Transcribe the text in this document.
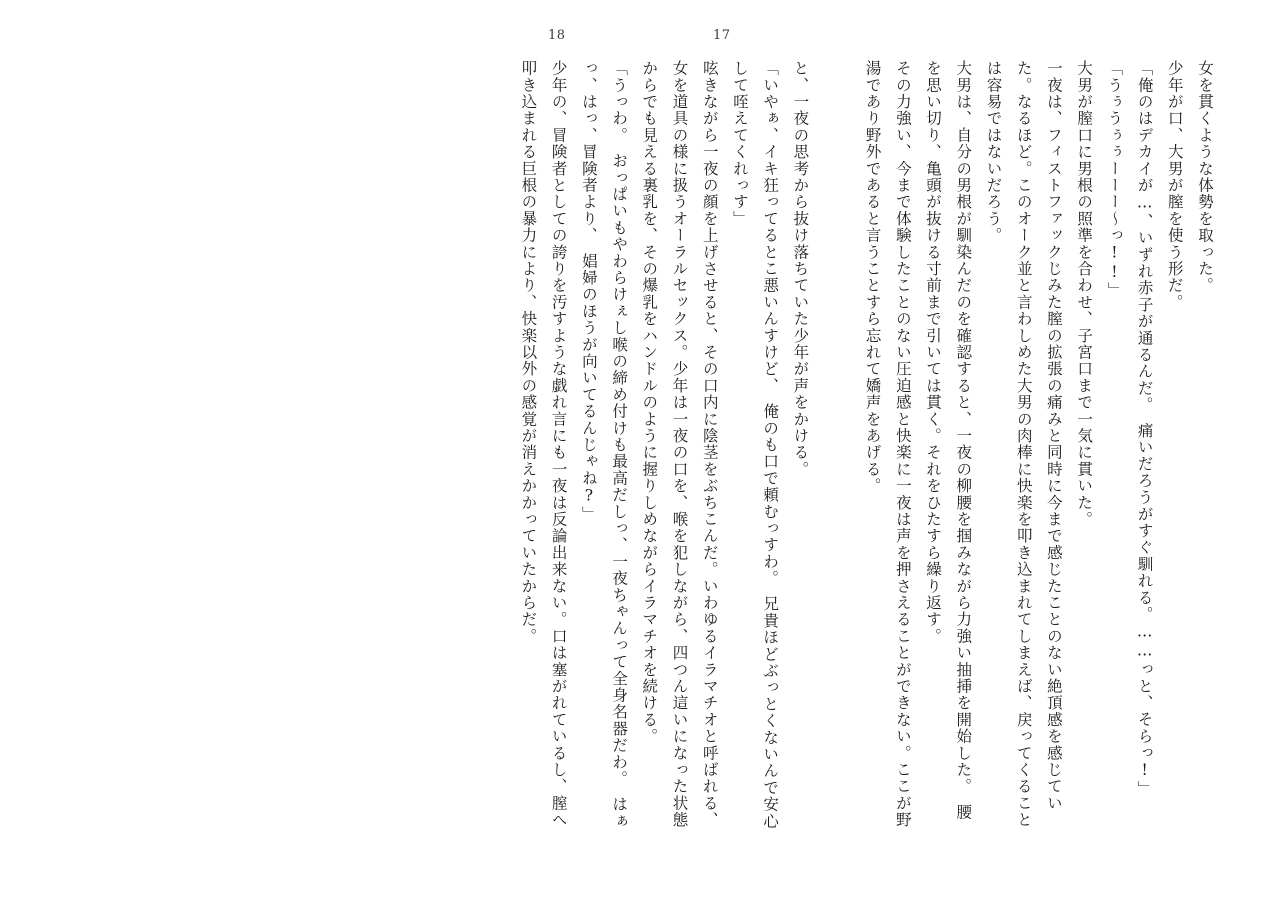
18	17
女を貫くような体勢を取った。
少年が口、大男が膣を使う形だ。
「俺のはデカイが…、いずれ赤子が通るんだ。　痛いだろうがすぐ馴れる。……っと、そらっ!」
「うぅうぅぅーーー〜っ!!」
大男が膣口に男根の照準を合わせ、子宮口まで一気に貫いた。
一夜は、フィストファックじみた膣の拡張の痛みと同時に今まで感じたことのない絶頂感を感じていた。なるほど。このオーク並と言わしめた大男の肉棒に快楽を叩き込まれてしまえば、戻ってくることは容易ではないだろう。
大男は、自分の男根が馴染んだのを確認すると、一夜の柳腰を掴みながら力強い抽挿を開始した。　腰を思い切り、亀頭が抜ける寸前まで引いては貫く。それをひたすら繰り返す。
その力強い、今まで体験したことのない圧迫感と快楽に一夜は声を押さえることができない。ここが野湯であり野外であると言うことすら忘れて嬌声をあげる。
と、一夜の思考から抜け落ちていた少年が声をかける。
「いやぁ、イキ狂ってるとこ悪いんすけど、　俺のも口で頼むっすわ。　兄貴ほどぶっとくないんで安心して咥えてくれっす」
呟きながら一夜の顔を上げさせると、その口内に陰茎をぶちこんだ。いわゆるイラマチオと呼ばれる、女を道具の様に扱うオーラルセックス。少年は一夜の口を、喉を犯しながら、四つん這いになった状態からでも見える裏乳を、その爆乳をハンドルのように握りしめながらイラマチオを続ける。
「うっわ。　おっぱいもやわらけぇし喉の締め付けも最高だしっ、一夜ちゃんって全身名器だわ。　はぁっ、はっ、冒険者より、　娼婦のほうが向いてるんじゃね?」
少年の、冒険者としての誇りを汚すような戯れ言にも一夜は反論出来ない。口は塞がれているし、膣へ叩き込まれる巨根の暴力により、快楽以外の感覚が消えかかっていたからだ。
